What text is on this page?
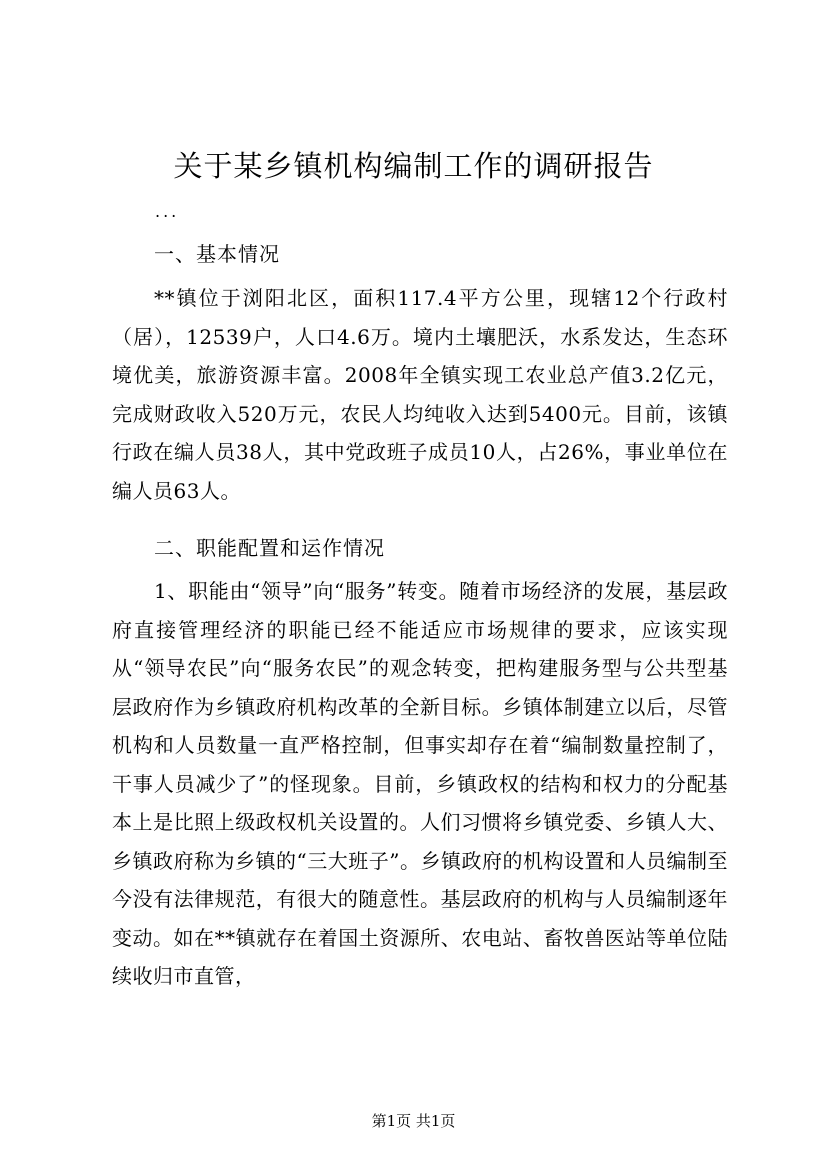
关于某乡镇机构编制工作的调研报告
...
一、基本情况

**镇位于浏阳北区，面积117.4平方公里，现辖12个行政村（居），12539户，人口4.6万。境内土壤肥沃，水系发达，生态环境优美，旅游资源丰富。2008年全镇实现工农业总产值3.2亿元，完成财政收入520万元，农民人均纯收入达到5400元。目前，该镇行政在编人员38人，其中党政班子成员10人，占26%，事业单位在编人员63人。

二、职能配置和运作情况

1、职能由“领导”向“服务”转变。随着市场经济的发展，基层政府直接管理经济的职能已经不能适应市场规律的要求，应该实现从“领导农民”向“服务农民”的观念转变，把构建服务型与公共型基层政府作为乡镇政府机构改革的全新目标。乡镇体制建立以后，尽管机构和人员数量一直严格控制，但事实却存在着“编制数量控制了，干事人员减少了”的怪现象。目前，乡镇政权的结构和权力的分配基本上是比照上级政权机关设置的。人们习惯将乡镇党委、乡镇人大、乡镇政府称为乡镇的“三大班子”。乡镇政府的机构设置和人员编制至今没有法律规范，有很大的随意性。基层政府的机构与人员编制逐年变动。如在**镇就存在着国土资源所、农电站、畜牧兽医站等单位陆续收归市直管，

第1页 共1页
